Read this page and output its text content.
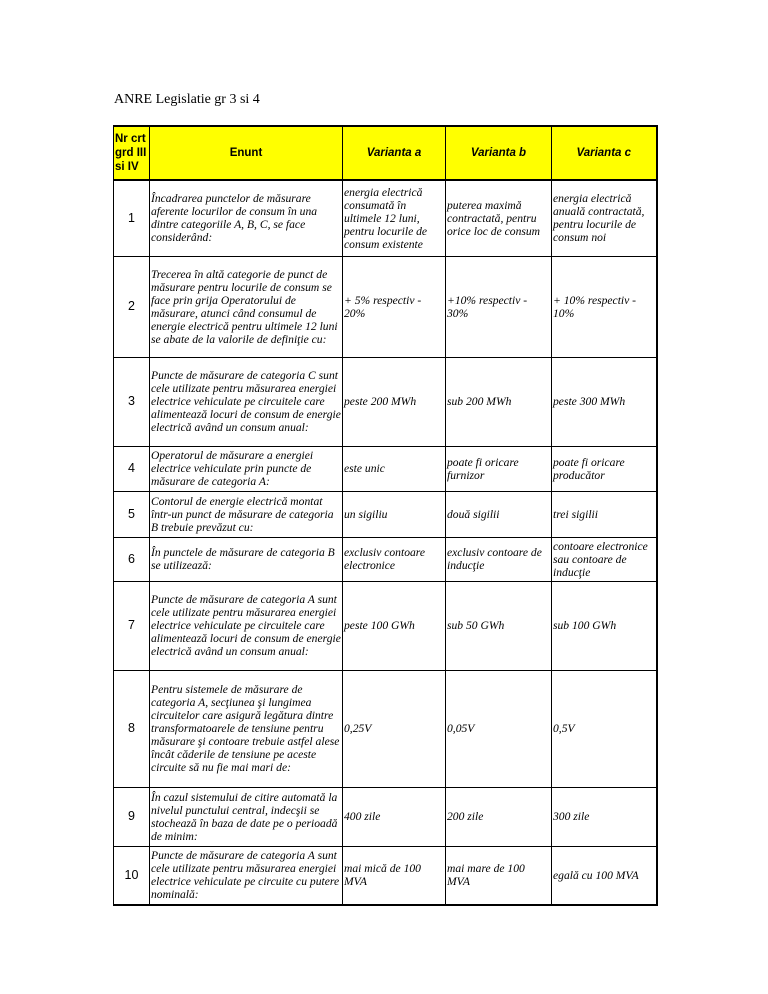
ANRE Legislatie gr 3 si 4
Nr crt
grd III
si IV	Enunt	Varianta a	Varianta b	Varianta c
1	Încadrarea punctelor de măsurare aferente locurilor de consum în una dintre categoriile A, B, C, se face considerând:	energia electrică consumată în ultimele 12 luni, pentru locurile de consum existente	puterea maximă contractată, pentru orice loc de consum	energia electrică anuală contractată, pentru locurile de consum noi
2	Trecerea în altă categorie de punct de măsurare pentru locurile de consum se face prin grija Operatorului de măsurare, atunci când consumul de energie electrică pentru ultimele 12 luni se abate de la valorile de definiţie cu:	+ 5% respectiv - 20%	+10% respectiv - 30%	+ 10% respectiv - 10%
3	Puncte de măsurare de categoria C sunt cele utilizate pentru măsurarea energiei electrice vehiculate pe circuitele care alimentează locuri de consum de energie electrică având un consum anual:	peste 200 MWh	sub 200 MWh	peste 300 MWh
4	Operatorul de măsurare a energiei electrice vehiculate prin puncte de măsurare de categoria A:	este unic	poate fi oricare furnizor	poate fi oricare producător
5	Contorul de energie electrică montat într-un punct de măsurare de categoria B trebuie prevăzut cu:	un sigiliu	două sigilii	trei sigilii
6	În punctele de măsurare de categoria B se utilizează:	exclusiv contoare electronice	exclusiv contoare de inducţie	contoare electronice sau contoare de inducţie
7	Puncte de măsurare de categoria A sunt cele utilizate pentru măsurarea energiei electrice vehiculate pe circuitele care alimentează locuri de consum de energie electrică având un consum anual:	peste 100 GWh	sub 50 GWh	sub 100 GWh
8	Pentru sistemele de măsurare de categoria A, secţiunea şi lungimea circuitelor care asigură legătura dintre transformatoarele de tensiune pentru măsurare şi contoare trebuie astfel alese încât căderile de tensiune pe aceste circuite să nu fie mai mari de:	0,25V	0,05V	0,5V
9	În cazul sistemului de citire automată la nivelul punctului central, indecşii se stochează în baza de date pe o perioadă de minim:	400 zile	200 zile	300 zile
10	Puncte de măsurare de categoria A sunt cele utilizate pentru măsurarea energiei electrice vehiculate pe circuite cu putere nominală:	mai mică de 100 MVA	mai mare de 100 MVA	egală cu 100 MVA
